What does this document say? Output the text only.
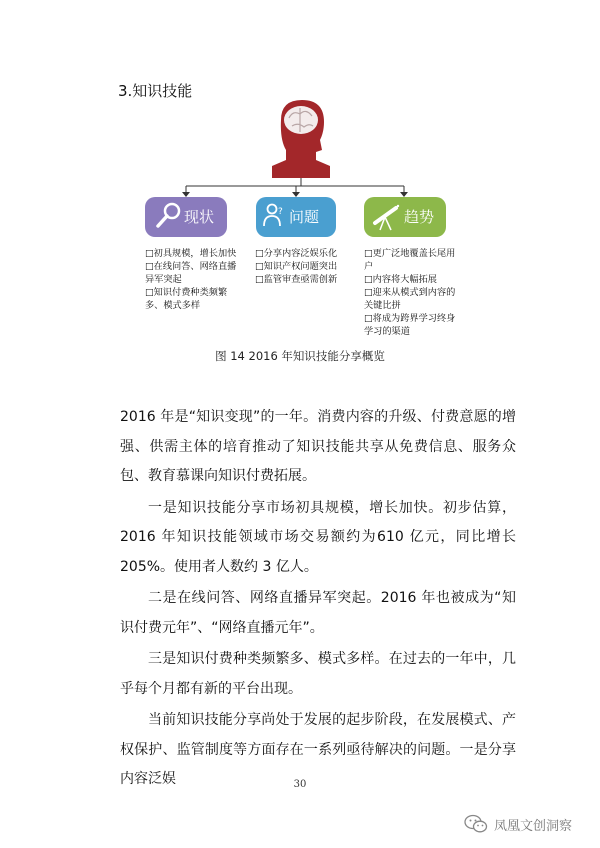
3.知识技能
现状	? 问题	趋势
□初具规模，增长加快
□在线问答、网络直播
异军突起
□知识付费种类频繁
多、模式多样
□分享内容泛娱乐化
□知识产权问题突出
□监管审查亟需创新
□更广泛地覆盖长尾用
户
□内容将大幅拓展
□迎来从模式到内容的
关键比拼
□将成为跨界学习终身
学习的渠道
图 14 2016 年知识技能分享概览

2016 年是“知识变现”的一年。消费内容的升级、付费意愿的增强、供需主体的培育推动了知识技能共享从免费信息、服务众包、教育慕课向知识付费拓展。

一是知识技能分享市场初具规模，增长加快。初步估算，2016 年知识技能领域市场交易额约为610 亿元，同比增长205%。使用者人数约 3 亿人。

二是在线问答、网络直播异军突起。2016 年也被成为“知识付费元年”、“网络直播元年”。

三是知识付费种类频繁多、模式多样。在过去的一年中，几乎每个月都有新的平台出现。

当前知识技能分享尚处于发展的起步阶段，在发展模式、产权保护、监管制度等方面存在一系列亟待解决的问题。一是分享内容泛娱	30
凤凰文创洞察
